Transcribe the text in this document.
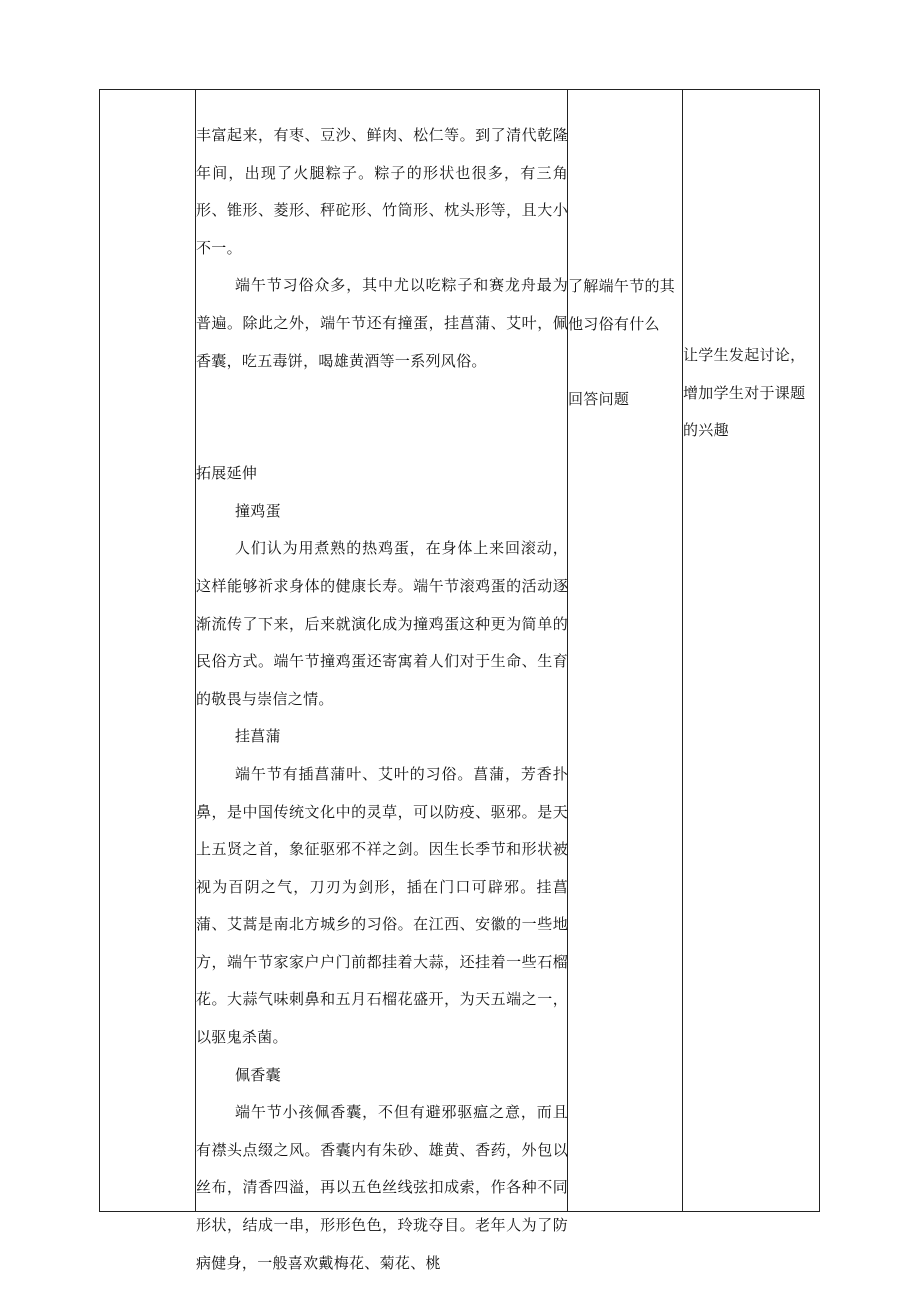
丰富起来，有枣、豆沙、鲜肉、松仁等。到了清代乾隆年间，出现了火腿粽子。粽子的形状也很多，有三角形、锥形、菱形、秤砣形、竹筒形、枕头形等，且大小不一。

端午节习俗众多，其中尤以吃粽子和赛龙舟最为普遍。除此之外，端午节还有撞蛋，挂菖蒲、艾叶，佩香囊，吃五毒饼，喝雄黄酒等一系列风俗。

拓展延伸

撞鸡蛋

人们认为用煮熟的热鸡蛋，在身体上来回滚动，这样能够祈求身体的健康长寿。端午节滚鸡蛋的活动逐渐流传了下来，后来就演化成为撞鸡蛋这种更为简单的民俗方式。端午节撞鸡蛋还寄寓着人们对于生命、生育的敬畏与崇信之情。

挂菖蒲

端午节有插菖蒲叶、艾叶的习俗。菖蒲，芳香扑鼻，是中国传统文化中的灵草，可以防疫、驱邪。是天上五贤之首，象征驱邪不祥之剑。因生长季节和形状被视为百阴之气，刀刃为剑形，插在门口可辟邪。挂菖蒲、艾蒿是南北方城乡的习俗。在江西、安徽的一些地方，端午节家家户户门前都挂着大蒜，还挂着一些石榴花。大蒜气味刺鼻和五月石榴花盛开，为天五端之一，以驱鬼杀菌。

佩香囊

端午节小孩佩香囊，不但有避邪驱瘟之意，而且有襟头点缀之风。香囊内有朱砂、雄黄、香药，外包以丝布，清香四溢，再以五色丝线弦扣成索，作各种不同形状，结成一串，形形色色，玲珑夺目。老年人为了防病健身，一般喜欢戴梅花、菊花、桃

了解端午节的其他习俗有什么

回答问题

让学生发起讨论，增加学生对于课题的兴趣
